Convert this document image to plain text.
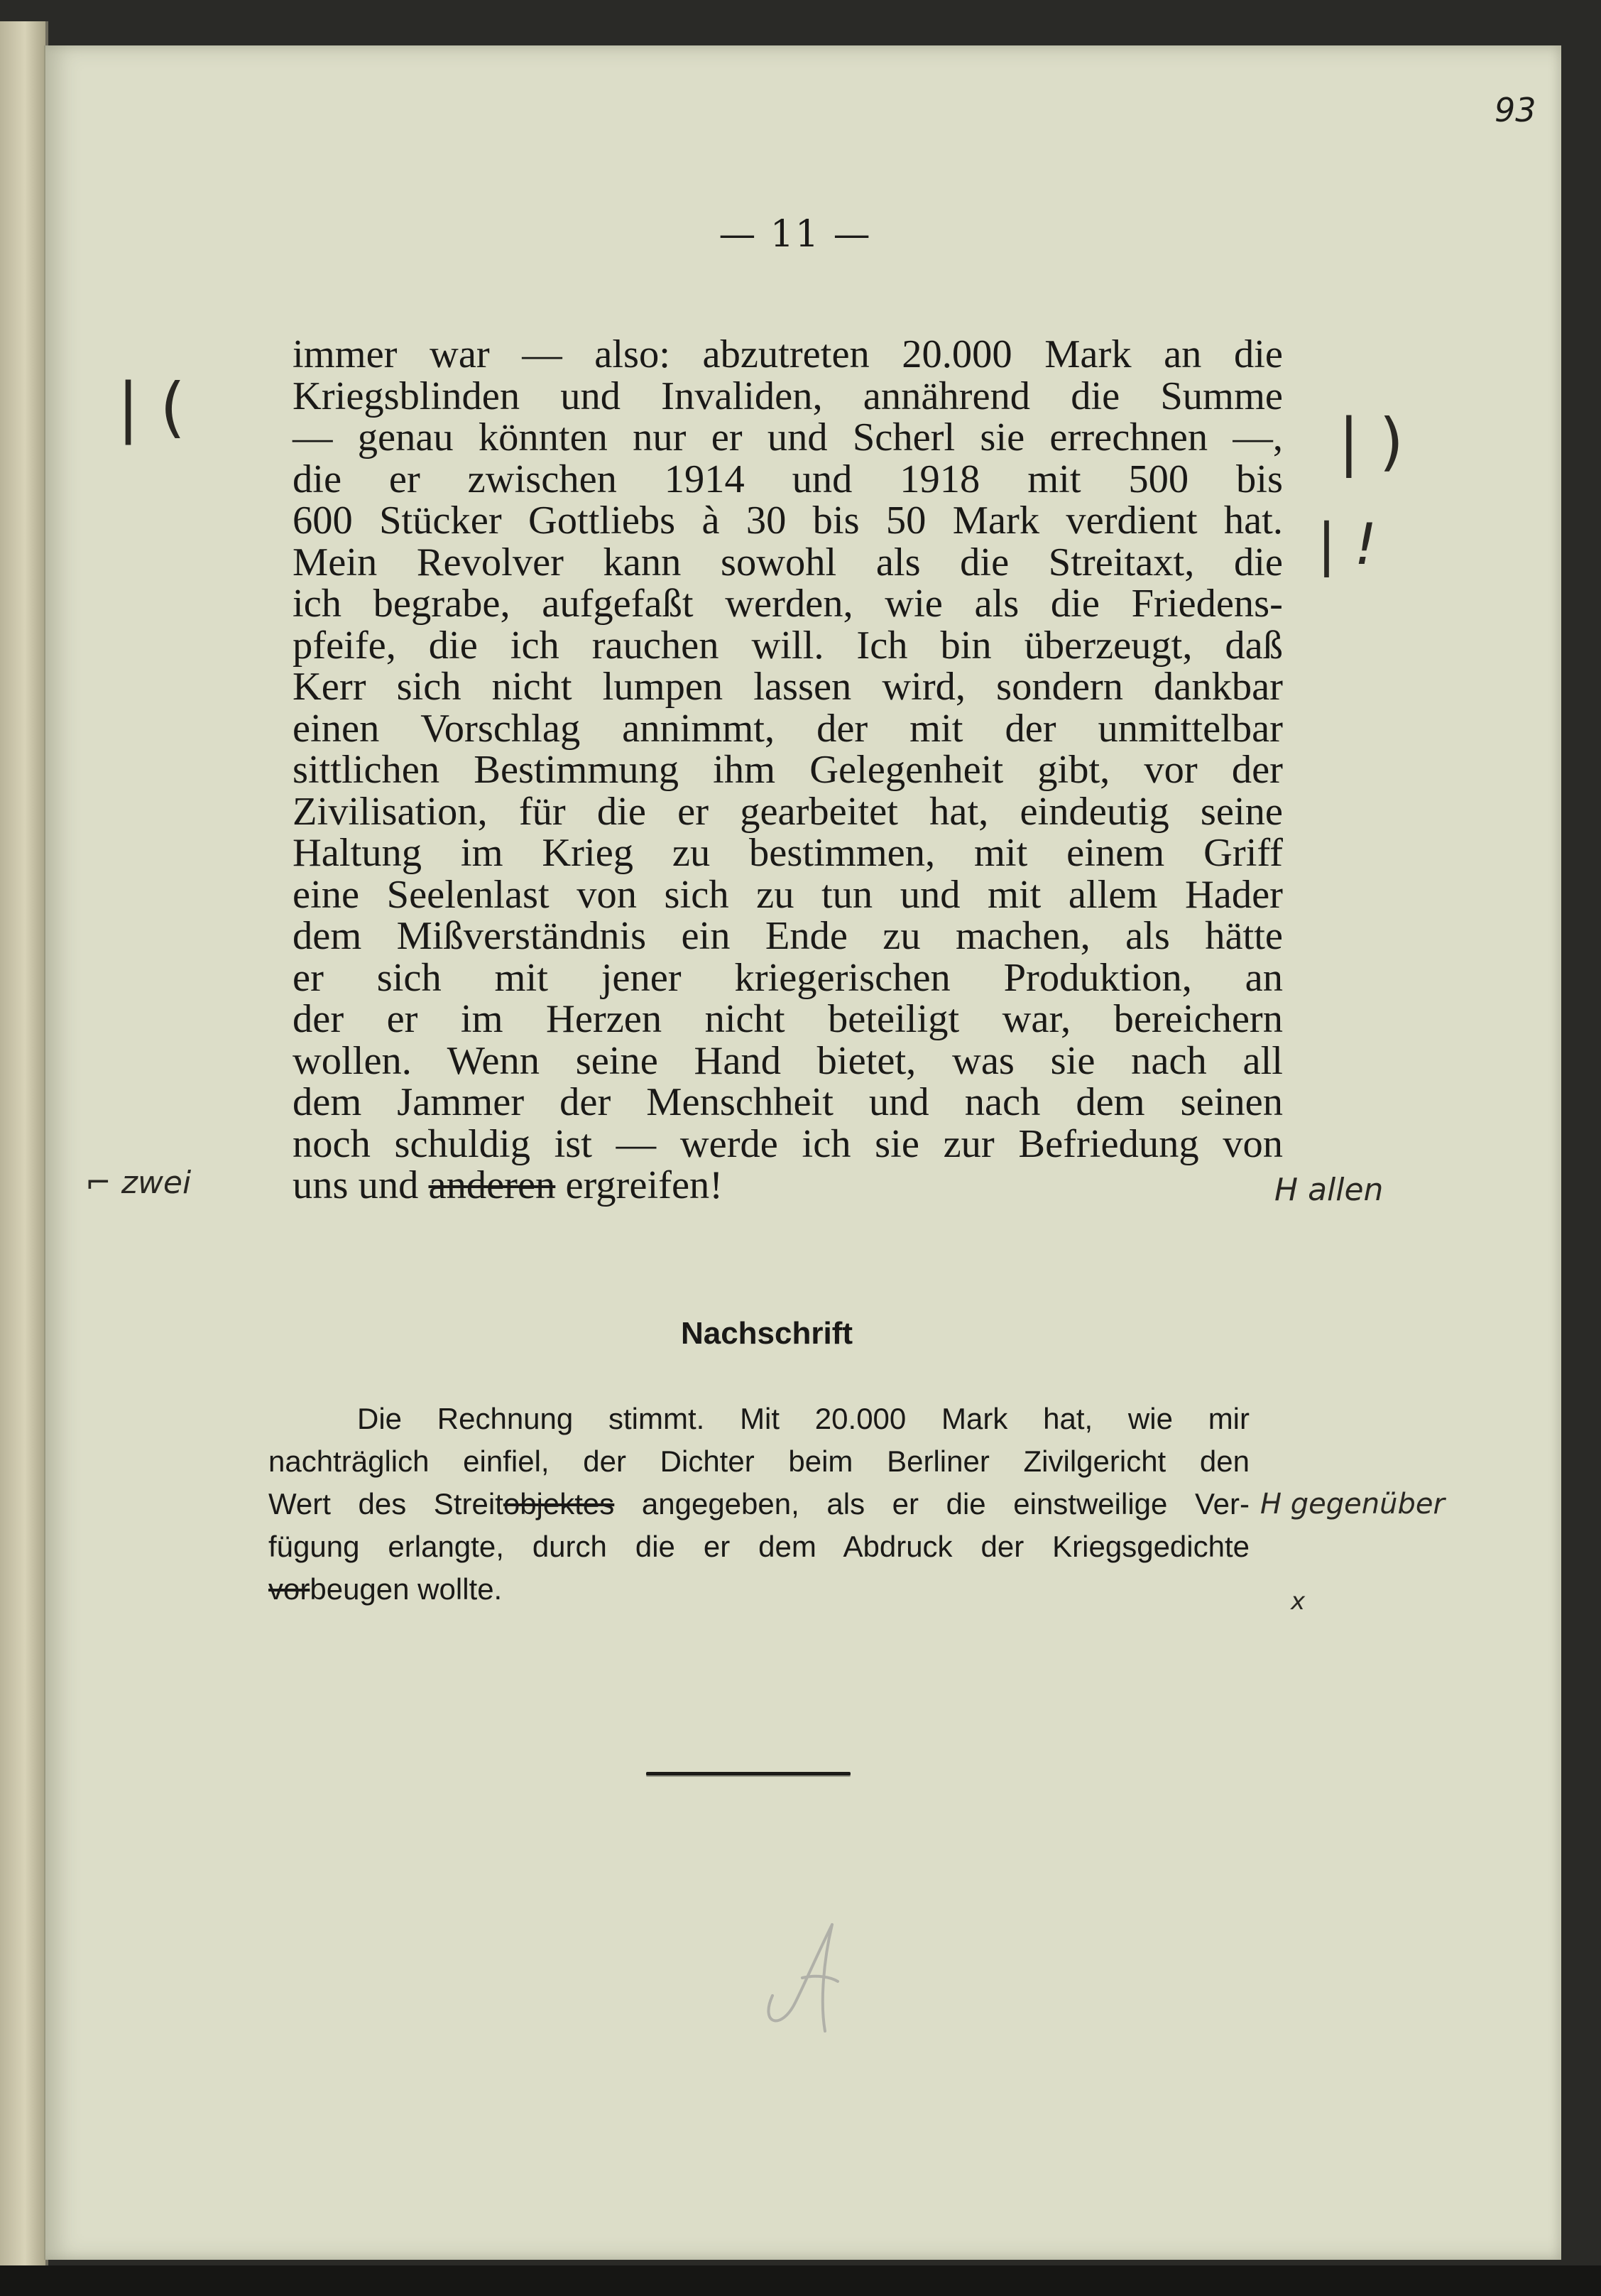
93
— 11 —
immer war — also: abzutreten 20.000 Mark an die
Kriegsblinden und Invaliden, annährend die Summe
— genau könnten nur er und Scherl sie errechnen —,
die er zwischen 1914 und 1918 mit 500 bis
600 Stücker Gottliebs à 30 bis 50 Mark verdient hat.
Mein Revolver kann sowohl als die Streitaxt, die
ich begrabe, aufgefaßt werden, wie als die Friedens-
pfeife, die ich rauchen will. Ich bin überzeugt, daß
Kerr sich nicht lumpen lassen wird, sondern dankbar
einen Vorschlag annimmt, der mit der unmittelbar
sittlichen Bestimmung ihm Gelegenheit gibt, vor der
Zivilisation, für die er gearbeitet hat, eindeutig seine
Haltung im Krieg zu bestimmen, mit einem Griff
eine Seelenlast von sich zu tun und mit allem Hader
dem Mißverständnis ein Ende zu machen, als hätte
er sich mit jener kriegerischen Produktion, an
der er im Herzen nicht beteiligt war, bereichern
wollen. Wenn seine Hand bietet, was sie nach all
dem Jammer der Menschheit und nach dem seinen
noch schuldig ist — werde ich sie zur Befriedung von
uns und anderen ergreifen!
Nachschrift
Die Rechnung stimmt. Mit 20.000 Mark hat, wie mir
nachträglich einfiel, der Dichter beim Berliner Zivilgericht den
Wert des Streitobjektes angegeben, als er die einstweilige Ver-
fügung erlangte, durch die er dem Abdruck der Kriegsgedichte
vorbeugen wollte.
| (	| )
| !
⌐ zwei	H allen
H gegenüber
x
